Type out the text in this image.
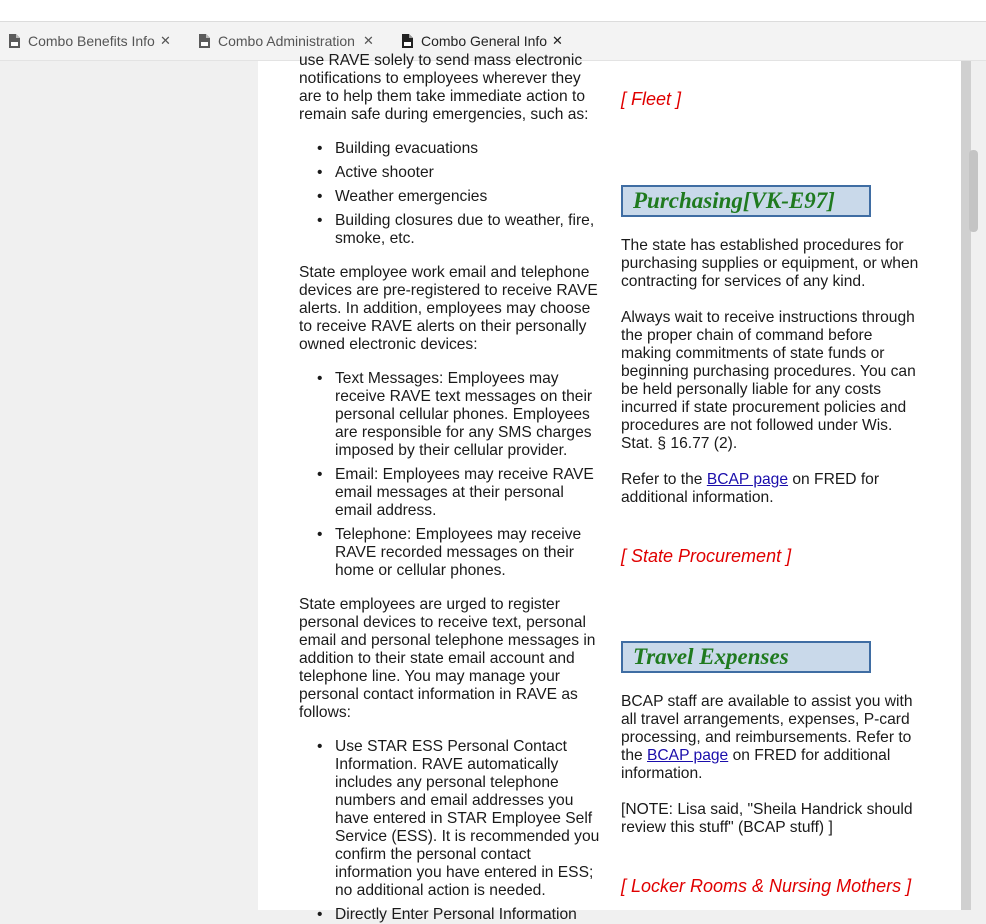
Combo Benefits Info ✕	Combo Administration ✕	Combo General Info ✕

use RAVE solely to send mass electronic

notifications to employees wherever they are to help them take immediate action to remain safe during emergencies, such as:

• Building evacuations
• Active shooter
• Weather emergencies
• Building closures due to weather, fire, smoke, etc.

State employee work email and telephone devices are pre-registered to receive RAVE alerts. In addition, employees may choose to receive RAVE alerts on their personally owned electronic devices:

• Text Messages: Employees may receive RAVE text messages on their personal cellular phones. Employees are responsible for any SMS charges imposed by their cellular provider.
• Email: Employees may receive RAVE email messages at their personal email address.
• Telephone: Employees may receive RAVE recorded messages on their home or cellular phones.

State employees are urged to register personal devices to receive text, personal email and personal telephone messages in addition to their state email account and telephone line. You may manage your personal contact information in RAVE as follows:

• Use STAR ESS Personal Contact Information. RAVE automatically includes any personal telephone numbers and email addresses you have entered in STAR Employee Self Service (ESS). It is recommended you confirm the personal contact information you have entered in ESS; no additional action is needed.
• Directly Enter Personal Information
[ Fleet ]
Purchasing[VK-E97]

The state has established procedures for purchasing supplies or equipment, or when contracting for services of any kind.

Always wait to receive instructions through the proper chain of command before making commitments of state funds or beginning purchasing procedures. You can be held personally liable for any costs incurred if state procurement policies and procedures are not followed under Wis. Stat. § 16.77 (2).

Refer to the BCAP page on FRED for additional information.

[ State Procurement ]
Travel Expenses

BCAP staff are available to assist you with all travel arrangements, expenses, P-card processing, and reimbursements. Refer to the BCAP page on FRED for additional information.

[NOTE: Lisa said, "Sheila Handrick should review this stuff" (BCAP stuff) ]

[ Locker Rooms & Nursing Mothers ]
